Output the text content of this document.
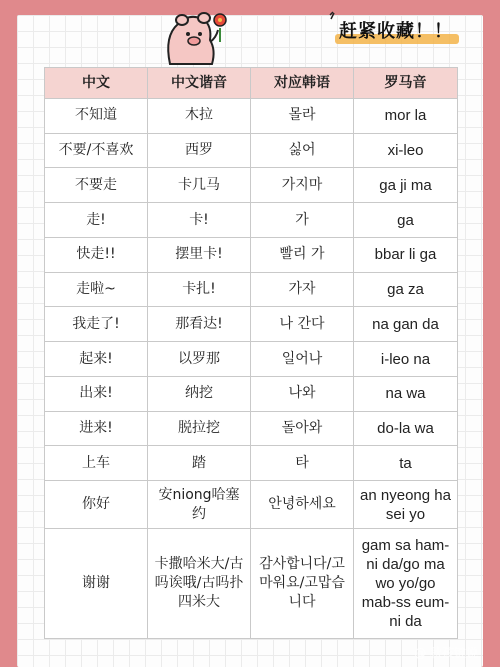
赶紧收藏！！
中文	中文谐音	对应韩语	罗马音
不知道	木拉	몰라	mor la
不要/不喜欢	西罗	싫어	xi-leo
不要走	卡几马	가지마	ga ji ma
走!	卡!	가	ga
快走!!	摆里卡!	빨리 가	bbar li ga
走啦~	卡扎!	가자	ga za
我走了!	那看达!	나 간다	na gan da
起来!	以罗那	일어나	i-leo na
出来!	纳挖	나와	na wa
进来!	脱拉挖	돌아와	do-la wa
上车	踏	타	ta
你好	安niong哈塞约	안녕하세요	an nyeong ha sei yo
谢谢	卡撒哈米大/古吗诶哦/古吗扑四米大	감사합니다/고마워요/고맙습니다	gam sa ham-ni da/go ma wo yo/go mab-ss eum-ni da
@ 秋孩键说
